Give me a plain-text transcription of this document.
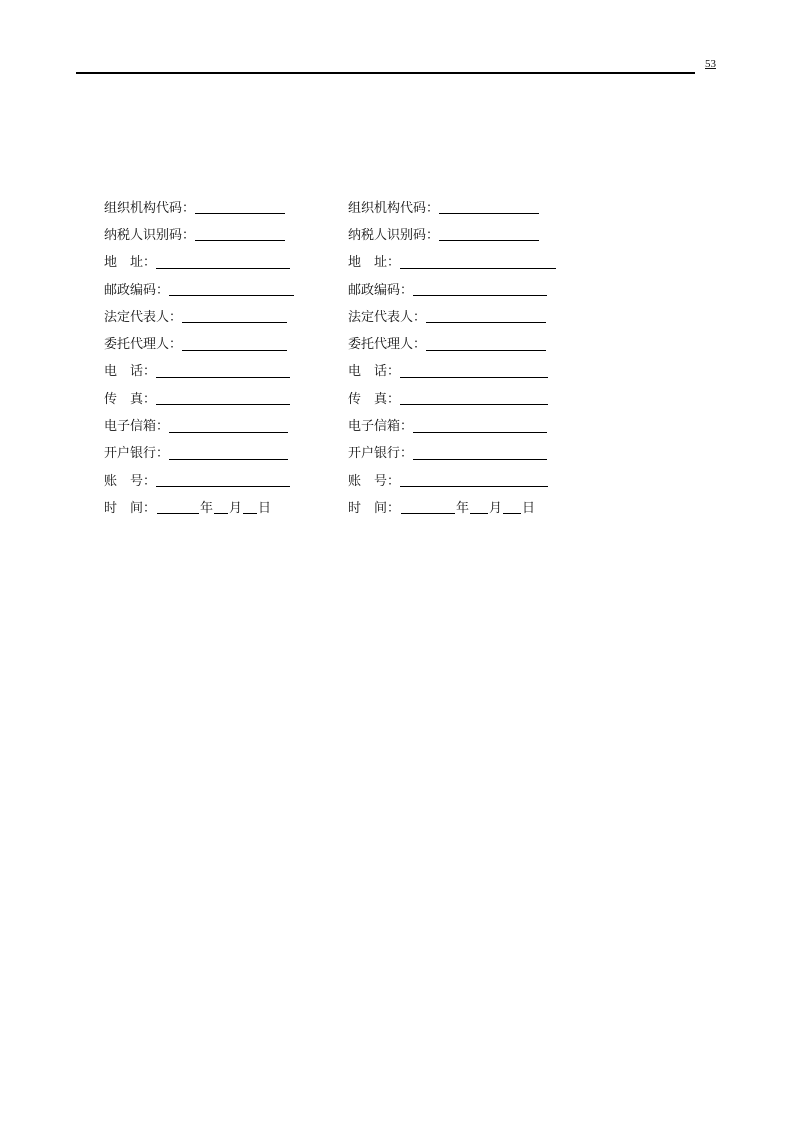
53
组织机构代码：
纳税人识别码：
地　址：
邮政编码：
法定代表人：
委托代理人：
电　话：
传　真：
电子信箱：
开户银行：
账　号：
时　间：	年 月 日
组织机构代码：
纳税人识别码：
地　址：
邮政编码：
法定代表人：
委托代理人：
电　话：
传　真：
电子信箱：
开户银行：
账　号：
时　间：	年 月 日
